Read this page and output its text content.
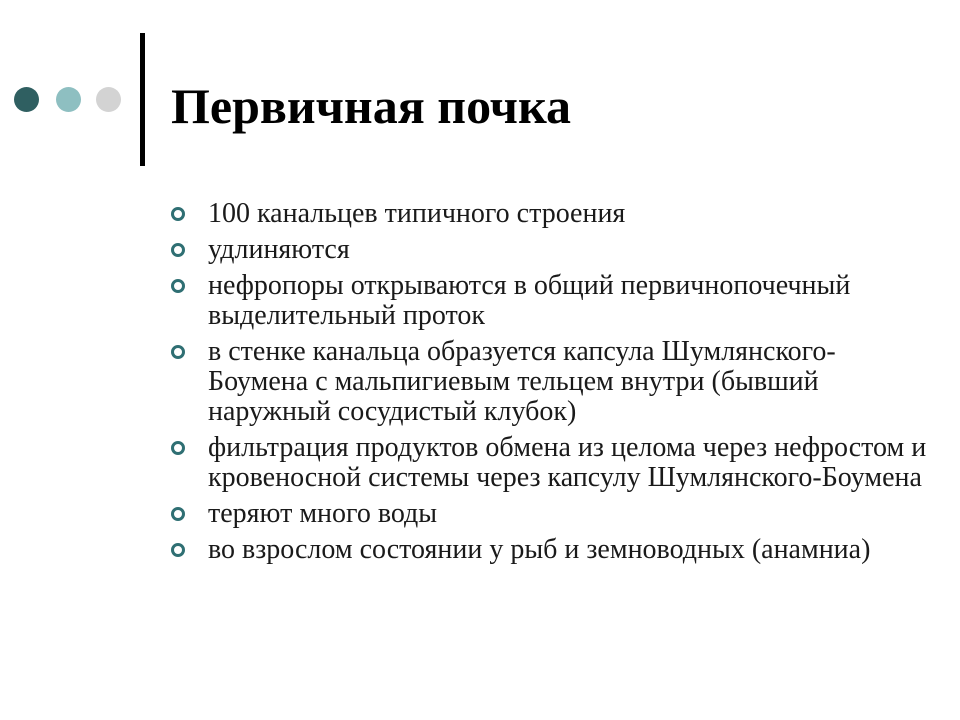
Первичная почка
100 канальцев типичного строения
удлиняются
нефропоры открываются в общий первичнопочечный выделительный проток
в стенке канальца образуется капсула Шумлянского-Боумена с мальпигиевым тельцем внутри (бывший наружный сосудистый клубок)
фильтрация продуктов обмена из целома через нефростом и кровеносной системы через капсулу Шумлянского-Боумена
теряют много воды
во взрослом состоянии у рыб и земноводных (анамниа)
